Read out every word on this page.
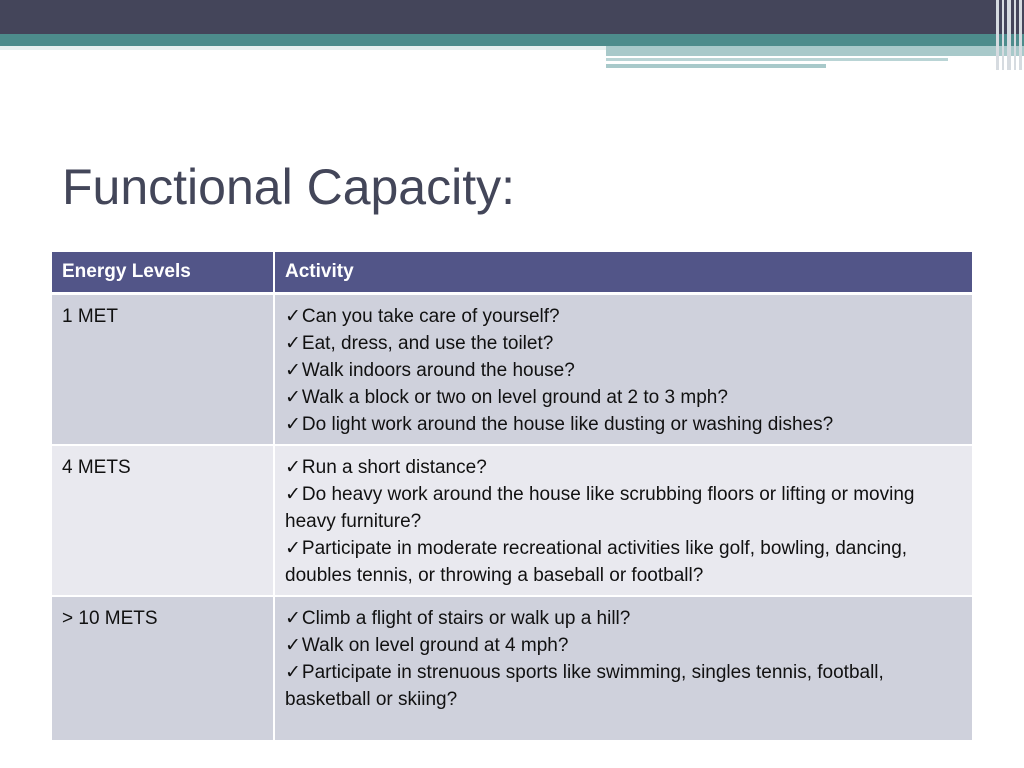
Functional Capacity:
Energy Levels	Activity
1 MET	✓Can you take care of yourself?
✓Eat, dress, and use the toilet?
✓Walk indoors around the house?
✓Walk a block or two on level ground at 2 to 3 mph?
✓Do light work around the house like dusting or washing dishes?

4 METS	✓Run a short distance?
✓Do heavy work around the house like scrubbing floors or lifting or moving heavy furniture?
✓Participate in moderate recreational activities like golf, bowling, dancing, doubles tennis, or throwing a baseball or football?

> 10 METS	✓Climb a flight of stairs or walk up a hill?
✓Walk on level ground at 4 mph?
✓Participate in strenuous sports like swimming, singles tennis, football, basketball or skiing?
